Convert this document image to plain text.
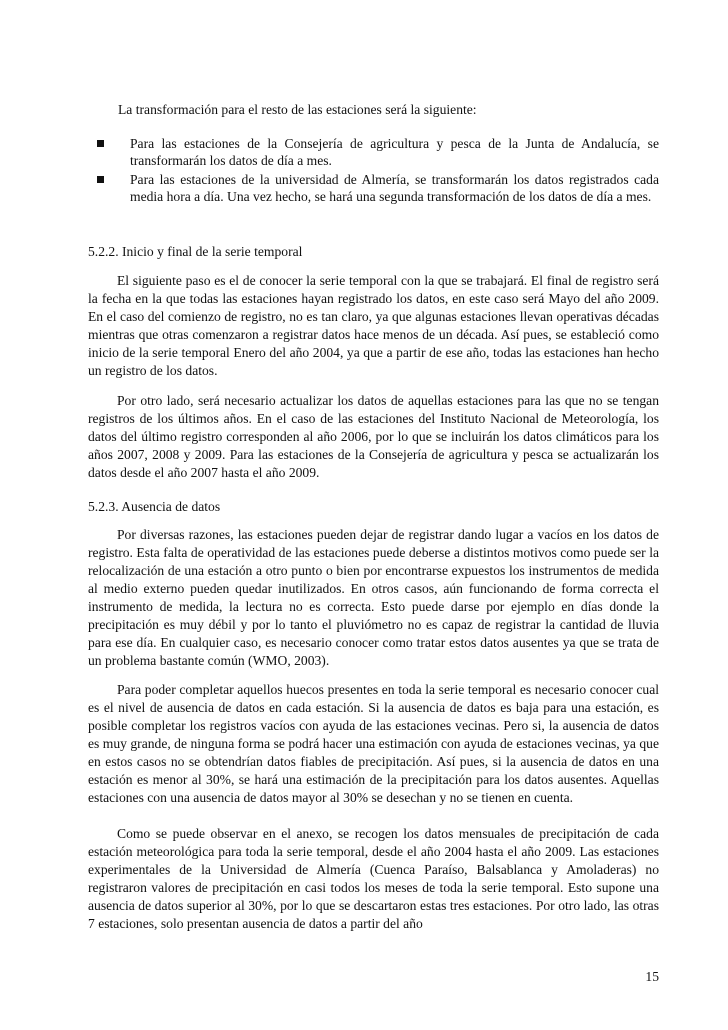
La transformación para el resto de las estaciones será la siguiente:

Para las estaciones de la Consejería de agricultura y pesca de la Junta de Andalucía, se transformarán los datos de día a mes.
Para las estaciones de la universidad de Almería, se transformarán los datos registrados cada media hora a día. Una vez hecho, se hará una segunda transformación de los datos de día a mes.

5.2.2. Inicio y final de la serie temporal

El siguiente paso es el de conocer la serie temporal con la que se trabajará. El final de registro será la fecha en la que todas las estaciones hayan registrado los datos, en este caso será Mayo del año 2009. En el caso del comienzo de registro, no es tan claro, ya que algunas estaciones llevan operativas décadas mientras que otras comenzaron a registrar datos hace menos de un década. Así pues, se estableció como inicio de la serie temporal Enero del año 2004, ya que a partir de ese año, todas las estaciones han hecho un registro de los datos.

Por otro lado, será necesario actualizar los datos de aquellas estaciones para las que no se tengan registros de los últimos años. En el caso de las estaciones del Instituto Nacional de Meteorología, los datos del último registro corresponden al año 2006, por lo que se incluirán los datos climáticos para los años 2007, 2008 y 2009. Para las estaciones de la Consejería de agricultura y pesca se actualizarán los datos desde el año 2007 hasta el año 2009.

5.2.3. Ausencia de datos

Por diversas razones, las estaciones pueden dejar de registrar dando lugar a vacíos en los datos de registro. Esta falta de operatividad de las estaciones puede deberse a distintos motivos como puede ser la relocalización de una estación a otro punto o bien por encontrarse expuestos los instrumentos de medida al medio externo pueden quedar inutilizados. En otros casos, aún funcionando de forma correcta el instrumento de medida, la lectura no es correcta. Esto puede darse por ejemplo en días donde la precipitación es muy débil y por lo tanto el pluviómetro no es capaz de registrar la cantidad de lluvia para ese día. En cualquier caso, es necesario conocer como tratar estos datos ausentes ya que se trata de un problema bastante común (WMO, 2003).

Para poder completar aquellos huecos presentes en toda la serie temporal es necesario conocer cual es el nivel de ausencia de datos en cada estación. Si la ausencia de datos es baja para una estación, es posible completar los registros vacíos con ayuda de las estaciones vecinas. Pero si, la ausencia de datos es muy grande, de ninguna forma se podrá hacer una estimación con ayuda de estaciones vecinas, ya que en estos casos no se obtendrían datos fiables de precipitación. Así pues, si la ausencia de datos en una estación es menor al 30%, se hará una estimación de la precipitación para los datos ausentes. Aquellas estaciones con una ausencia de datos mayor al 30% se desechan y no se tienen en cuenta.

Como se puede observar en el anexo, se recogen los datos mensuales de precipitación de cada estación meteorológica para toda la serie temporal, desde el año 2004 hasta el año 2009. Las estaciones experimentales de la Universidad de Almería (Cuenca Paraíso, Balsablanca y Amoladeras) no registraron valores de precipitación en casi todos los meses de toda la serie temporal. Esto supone una ausencia de datos superior al 30%, por lo que se descartaron estas tres estaciones. Por otro lado, las otras 7 estaciones, solo presentan ausencia de datos a partir del año

15
